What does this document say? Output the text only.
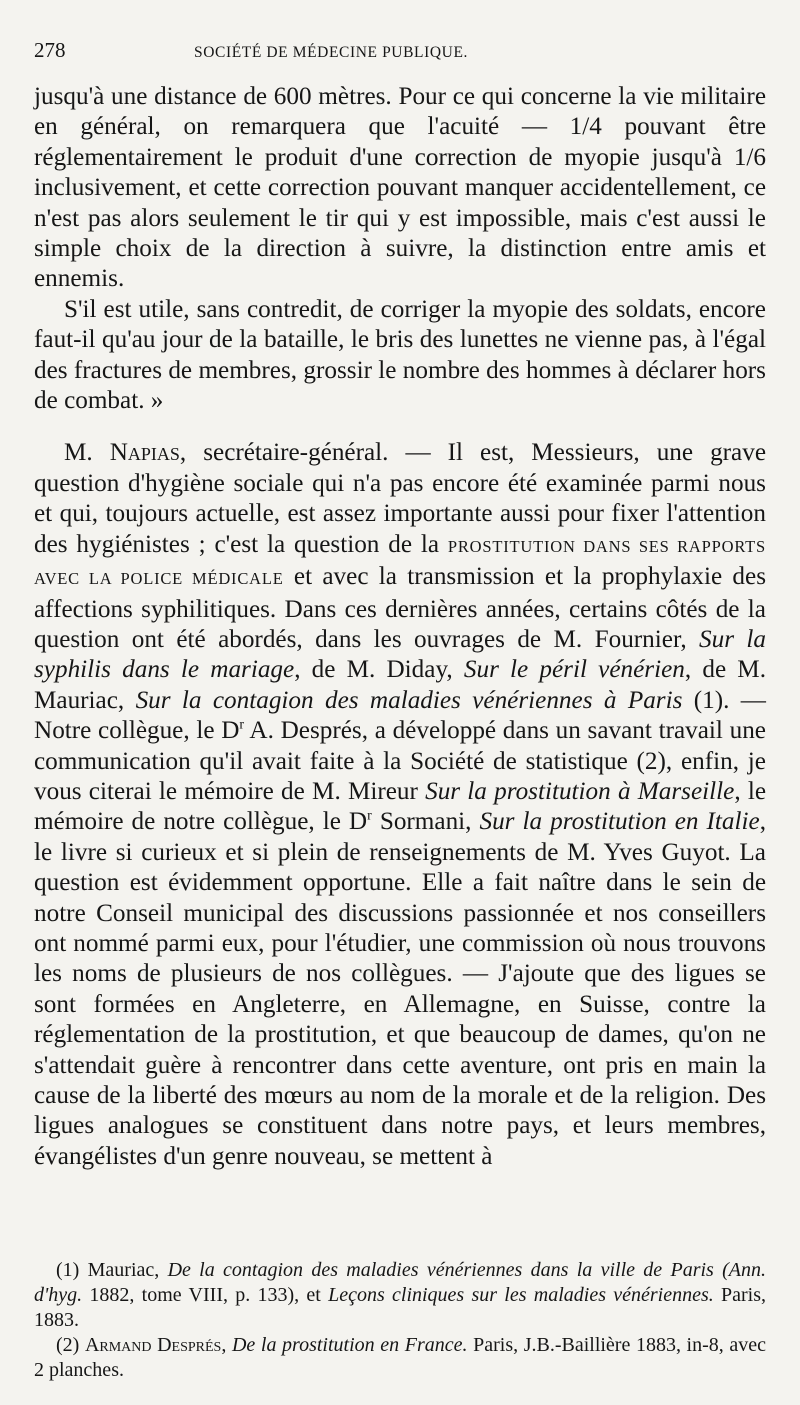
278	SOCIÉTÉ DE MÉDECINE PUBLIQUE.

jusqu'à une distance de 600 mètres. Pour ce qui concerne la vie militaire en général, on remarquera que l'acuité — 1/4 pouvant être réglementairement le produit d'une correction de myopie jusqu'à 1/6 inclusivement, et cette correction pouvant manquer accidentellement, ce n'est pas alors seulement le tir qui y est impossible, mais c'est aussi le simple choix de la direction à suivre, la distinction entre amis et ennemis.

S'il est utile, sans contredit, de corriger la myopie des soldats, encore faut-il qu'au jour de la bataille, le bris des lunettes ne vienne pas, à l'égal des fractures de membres, grossir le nombre des hommes à déclarer hors de combat. »

M. Napias, secrétaire-général. — Il est, Messieurs, une grave question d'hygiène sociale qui n'a pas encore été examinée parmi nous et qui, toujours actuelle, est assez importante aussi pour fixer l'attention des hygiénistes ; c'est la question de la PROSTITUTION DANS SES RAPPORTS AVEC LA POLICE MÉDICALE et avec la transmission et la prophylaxie des affections syphilitiques. Dans ces dernières années, certains côtés de la question ont été abordés, dans les ouvrages de M. Fournier, Sur la syphilis dans le mariage, de M. Diday, Sur le péril vénérien, de M. Mauriac, Sur la contagion des maladies vénériennes à Paris (1). — Notre collègue, le $D^r$ A. Després, a développé dans un savant travail une communication qu'il avait faite à la Société de statistique (2), enfin, je vous citerai le mémoire de M. Mireur Sur la prostitution à Marseille, le mémoire de notre collègue, le $D^r$ Sormani, Sur la prostitution en Italie, le livre si curieux et si plein de renseignements de M. Yves Guyot. La question est évidemment opportune. Elle a fait naître dans le sein de notre Conseil municipal des discussions passionnée et nos conseillers ont nommé parmi eux, pour l'étudier, une commission où nous trouvons les noms de plusieurs de nos collègues. — J'ajoute que des ligues se sont formées en Angleterre, en Allemagne, en Suisse, contre la réglementation de la prostitution, et que beaucoup de dames, qu'on ne s'attendait guère à rencontrer dans cette aventure, ont pris en main la cause de la liberté des mœurs au nom de la morale et de la religion. Des ligues analogues se constituent dans notre pays, et leurs membres, évangélistes d'un genre nouveau, se mettent à

(1) Mauriac, De la contagion des maladies vénériennes dans la ville de Paris (Ann. d'hyg. 1882, tome VIII, p. 133), et Leçons cliniques sur les maladies vénériennes. Paris, 1883.

(2) Armand Després, De la prostitution en France. Paris, J.B.-Baillière 1883, in-8, avec 2 planches.
